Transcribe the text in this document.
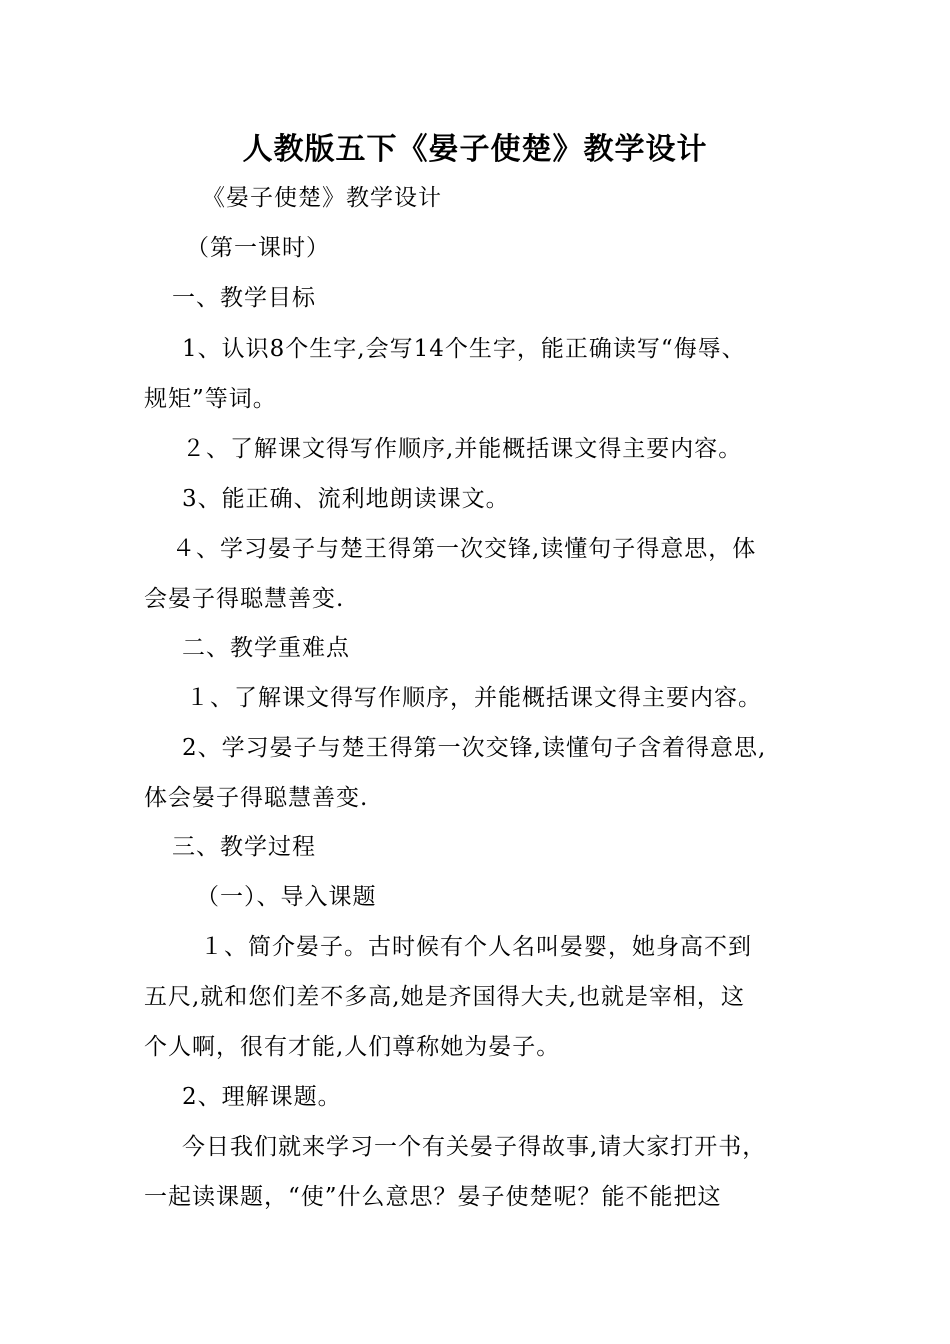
人教版五下《晏子使楚》教学设计
《晏子使楚》教学设计
（第一课时）
一、教学目标
1、认识8个生字,会写14个生字，能正确读写“侮辱、
规矩”等词。
２、了解课文得写作顺序,并能概括课文得主要内容。
3、能正确、流利地朗读课文。
４、学习晏子与楚王得第一次交锋,读懂句子得意思，体
会晏子得聪慧善变.
二、教学重难点
１、了解课文得写作顺序，并能概括课文得主要内容。
2、学习晏子与楚王得第一次交锋,读懂句子含着得意思,
体会晏子得聪慧善变.
三、教学过程
（一）、导入课题
１、简介晏子。古时候有个人名叫晏婴，她身高不到
五尺,就和您们差不多高,她是齐国得大夫,也就是宰相，这
个人啊，很有才能,人们尊称她为晏子。
2、理解课题。
今日我们就来学习一个有关晏子得故事,请大家打开书，
一起读课题，“使”什么意思？晏子使楚呢？能不能把这
